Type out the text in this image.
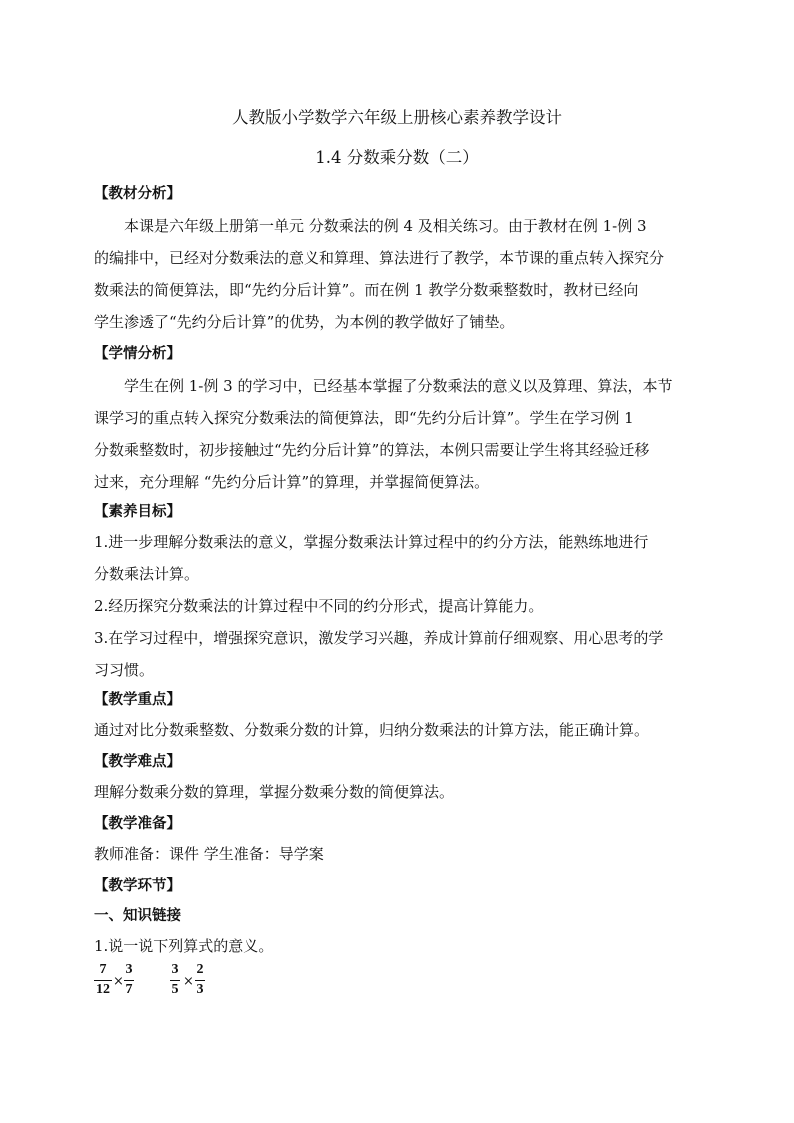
人教版小学数学六年级上册核心素养教学设计
1.4 分数乘分数（二）
【教材分析】
本课是六年级上册第一单元 分数乘法的例 4 及相关练习。由于教材在例 1-例 3
的编排中，已经对分数乘法的意义和算理、算法进行了教学，本节课的重点转入探究分
数乘法的简便算法，即“先约分后计算”。而在例 1 教学分数乘整数时，教材已经向
学生渗透了“先约分后计算”的优势，为本例的教学做好了铺垫。
【学情分析】
学生在例 1-例 3 的学习中，已经基本掌握了分数乘法的意义以及算理、算法，本节
课学习的重点转入探究分数乘法的简便算法，即“先约分后计算”。学生在学习例 1
分数乘整数时，初步接触过“先约分后计算”的算法，本例只需要让学生将其经验迁移
过来，充分理解 “先约分后计算”的算理，并掌握简便算法。
【素养目标】
1.进一步理解分数乘法的意义，掌握分数乘法计算过程中的约分方法，能熟练地进行
分数乘法计算。
2.经历探究分数乘法的计算过程中不同的约分形式，提高计算能力。
3.在学习过程中，增强探究意识，激发学习兴趣，养成计算前仔细观察、用心思考的学
习习惯。
【教学重点】
通过对比分数乘整数、分数乘分数的计算，归纳分数乘法的计算方法，能正确计算。
【教学难点】
理解分数乘分数的算理，掌握分数乘分数的简便算法。
【教学准备】
教师准备：课件 学生准备：导学案
【教学环节】
一、知识链接
1.说一说下列算式的意义。
7
12
×
3
7
3
5
×
2
3
